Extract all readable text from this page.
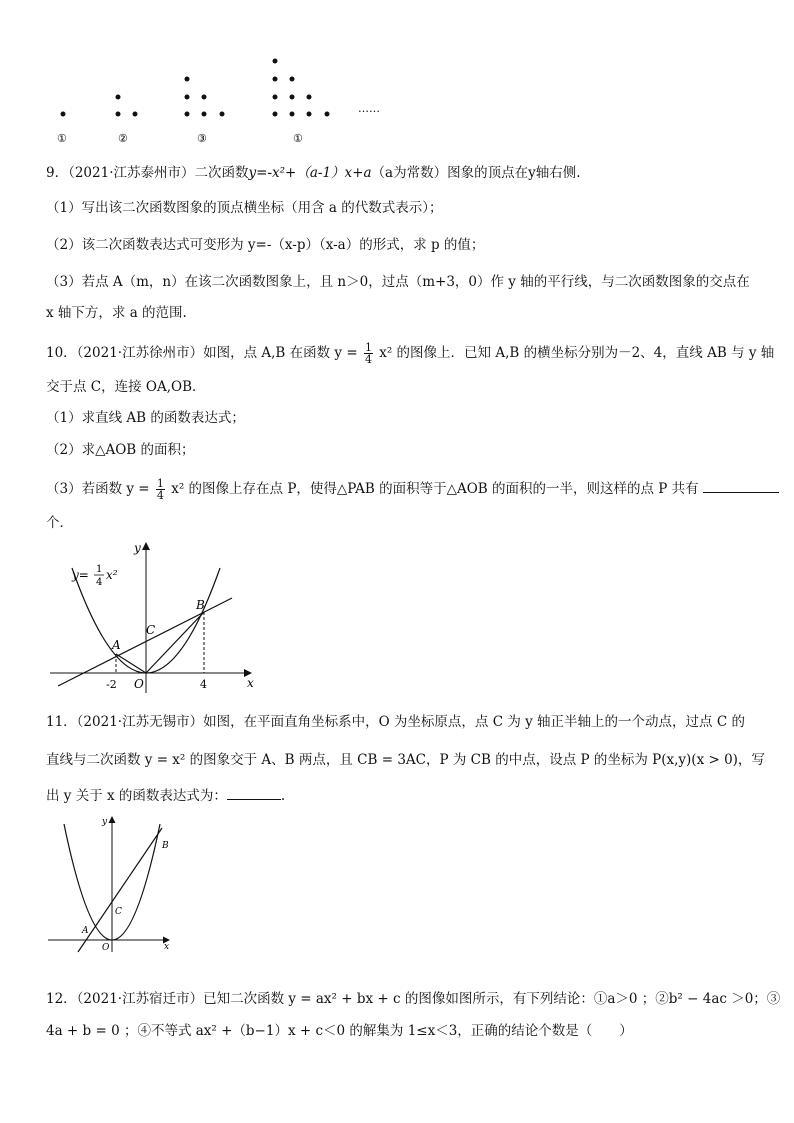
①	②	③	①
……
9．（2021·江苏泰州市）二次函数y=-x²+（a-1）x+a（a为常数）图象的顶点在y轴右侧.
（1）写出该二次函数图象的顶点横坐标（用含 a 的代数式表示）；
（2）该二次函数表达式可变形为 y=-（x-p）（x-a）的形式，求 p 的值；
（3）若点 A（m，n）在该二次函数图象上，且 n＞0，过点（m+3，0）作 y 轴的平行线，与二次函数图象的交点在
x 轴下方，求 a 的范围.
10．（2021·江苏徐州市）如图，点 A,B 在函数 $y = \frac{1}{4} x^2$ 的图像上．已知 A,B 的横坐标分别为－2、4，直线 AB 与 y 轴
交于点 C，连接 OA,OB．
（1）求直线 AB 的函数表达式；
（2）求△AOB 的面积；
（3）若函数 $y = \frac{1}{4} x^2$ 的图像上存在点 P，使得△PAB 的面积等于△AOB 的面积的一半，则这样的点 P 共有
个．
y= 1
4
x²
y
x
A
B
C
O
-2	4
11．（2021·江苏无锡市）如图，在平面直角坐标系中，O 为坐标原点，点 C 为 y 轴正半轴上的一个动点，过点 C 的
直线与二次函数 y = x² 的图象交于 A、B 两点，且 CB = 3AC，P 为 CB 的中点，设点 P 的坐标为 P(x,y)(x > 0)，写
出 y 关于 x 的函数表达式为：	.
y
x
A
B
C
O
12．（2021·江苏宿迁市）已知二次函数 y = ax² + bx + c 的图像如图所示，有下列结论：①a＞0 ；②b² − 4ac ＞0；③
4a + b = 0 ；④不等式 ax² +（b−1）x + c＜0 的解集为 1≤x＜3，正确的结论个数是（　　）
